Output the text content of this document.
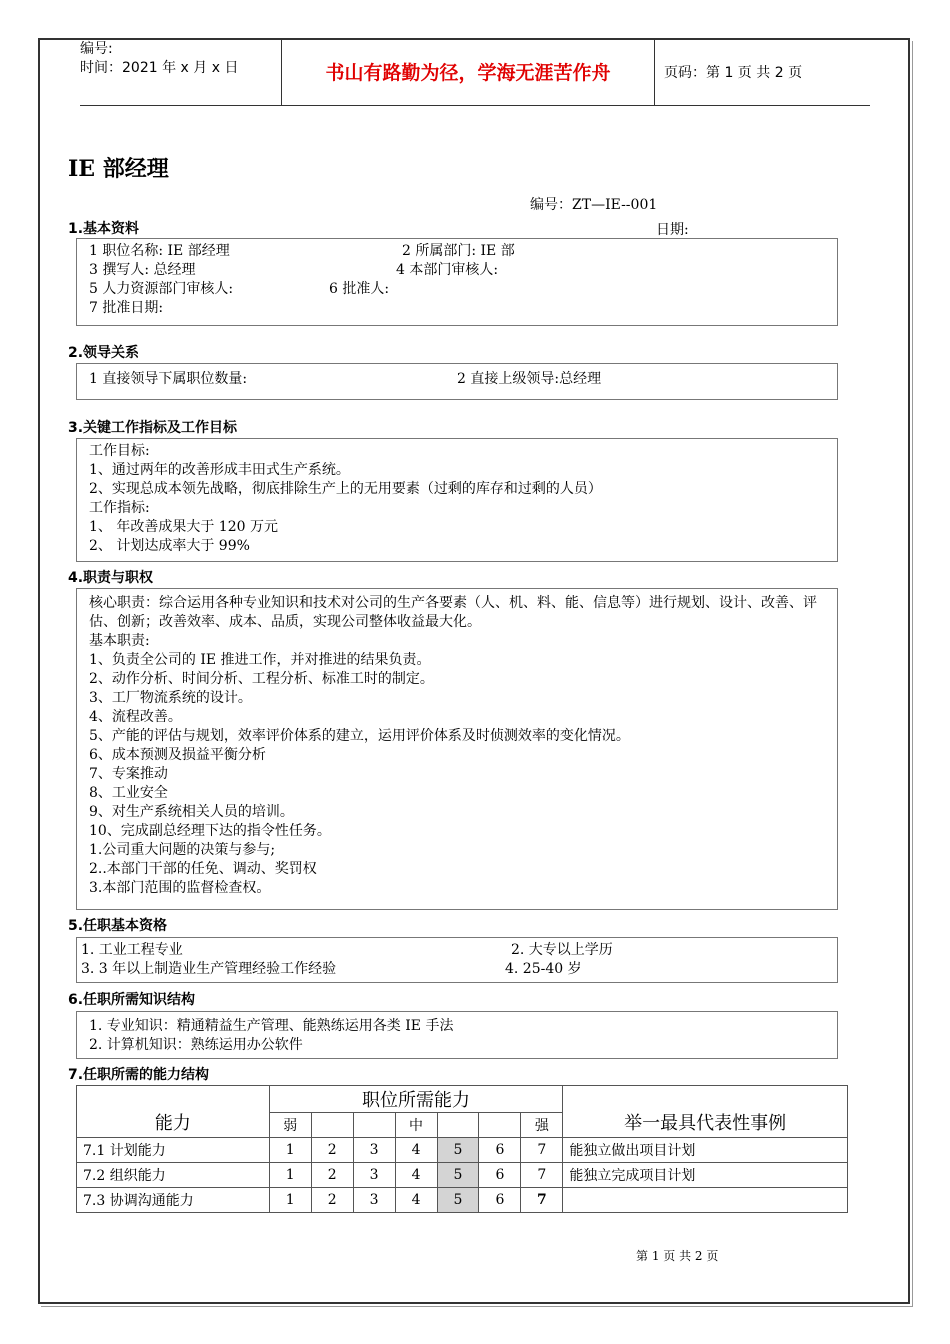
编号:
时间：2021 年 x 月 x 日	书山有路勤为径，学海无涯苦作舟	页码：第 1 页 共 2 页
IE 部经理
编号：ZT—IE--001
1.基本资料	日期:
1 职位名称: IE 部经理	2 所属部门: IE 部
3 撰写人: 总经理	4 本部门审核人:
5 人力资源部门审核人:	6 批准人:
7 批准日期:
2.领导关系
1 直接领导下属职位数量:	2 直接上级领导:总经理
3.关键工作指标及工作目标
工作目标:
1、通过两年的改善形成丰田式生产系统。
2、实现总成本领先战略，彻底排除生产上的无用要素（过剩的库存和过剩的人员）
工作指标:
1、 年改善成果大于 120 万元
2、 计划达成率大于 99%
4.职责与职权
核心职责：综合运用各种专业知识和技术对公司的生产各要素（人、机、料、能、信息等）进行规划、设计、改善、评估、创新；改善效率、成本、品质，实现公司整体收益最大化。
基本职责:
1、负责全公司的 IE 推进工作，并对推进的结果负责。
2、动作分析、时间分析、工程分析、标准工时的制定。
3、工厂物流系统的设计。
4、流程改善。
5、产能的评估与规划，效率评价体系的建立，运用评价体系及时侦测效率的变化情况。
6、成本预测及损益平衡分析
7、专案推动
8、工业安全
9、对生产系统相关人员的培训。
10、完成副总经理下达的指令性任务。
1.公司重大问题的决策与参与;
2..本部门干部的任免、调动、奖罚权
3.本部门范围的监督检查权。
5.任职基本资格
1. 工业工程专业	2. 大专以上学历
3. 3 年以上制造业生产管理经验工作经验	4. 25-40 岁
6.任职所需知识结构
1. 专业知识：精通精益生产管理、能熟练运用各类 IE 手法
2. 计算机知识：熟练运用办公软件
7.任职所需的能力结构
能力	职位所需能力							举一最具代表性事例
	弱			中			强	
7.1 计划能力	1	2	3	4	5	6	7	能独立做出项目计划
7.2 组织能力	1	2	3	4	5	6	7	能独立完成项目计划
7.3 协调沟通能力	1	2	3	4	5	6	7	
第 1 页 共 2 页
